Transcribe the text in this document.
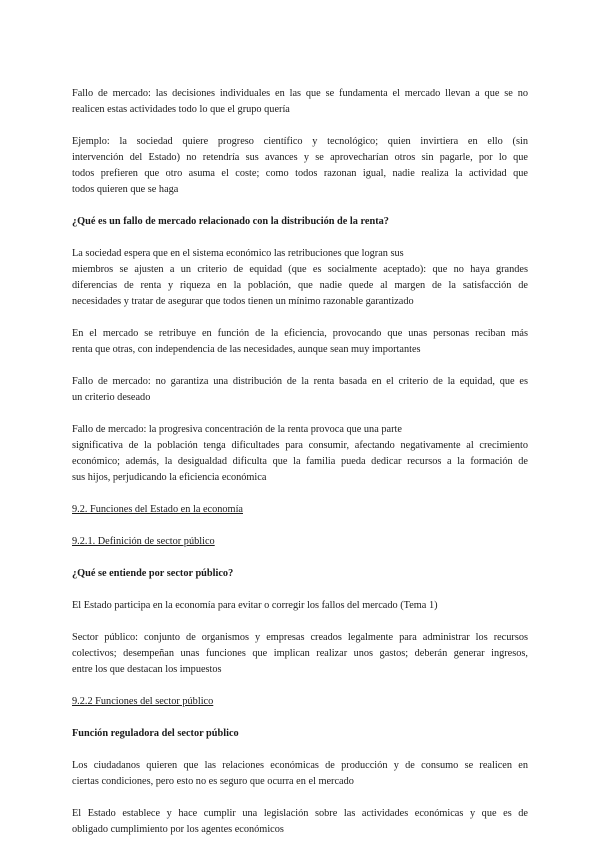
Fallo de mercado: las decisiones individuales en las que se fundamenta el mercado llevan a que se no
realicen estas actividades todo lo que el grupo quería

Ejemplo: la sociedad quiere progreso científico y tecnológico; quien invirtiera en ello (sin
intervención del Estado) no retendría sus avances y se aprovecharían otros sin pagarle, por lo que
todos prefieren que otro asuma el coste; como todos razonan igual, nadie realiza la actividad que
todos quieren que se haga

¿Qué es un fallo de mercado relacionado con la distribución de la renta?

La sociedad espera que en el sistema económico las retribuciones que logran sus
miembros se ajusten a un criterio de equidad (que es socialmente aceptado): que no haya grandes
diferencias de renta y riqueza en la población, que nadie quede al margen de la satisfacción de
necesidades y tratar de asegurar que todos tienen un mínimo razonable garantizado

En el mercado se retribuye en función de la eficiencia, provocando que unas personas reciban más
renta que otras, con independencia de las necesidades, aunque sean muy importantes

Fallo de mercado: no garantiza una distribución de la renta basada en el criterio de la equidad, que es
un criterio deseado

Fallo de mercado: la progresiva concentración de la renta provoca que una parte
significativa de la población tenga dificultades para consumir, afectando negativamente al crecimiento
económico; además, la desigualdad dificulta que la familia pueda dedicar recursos a la formación de
sus hijos, perjudicando la eficiencia económica

9.2. Funciones del Estado en la economía

9.2.1. Definición de sector público

¿Qué se entiende por sector público?

El Estado participa en la economía para evitar o corregir los fallos del mercado (Tema 1)

Sector público: conjunto de organismos y empresas creados legalmente para administrar los recursos
colectivos; desempeñan unas funciones que implican realizar unos gastos; deberán generar ingresos,
entre los que destacan los impuestos

9.2.2 Funciones del sector público

Función reguladora del sector público

Los ciudadanos quieren que las relaciones económicas de producción y de consumo se realicen en
ciertas condiciones, pero esto no es seguro que ocurra en el mercado

El Estado establece y hace cumplir una legislación sobre las actividades económicas y que es de
obligado cumplimiento por los agentes económicos
